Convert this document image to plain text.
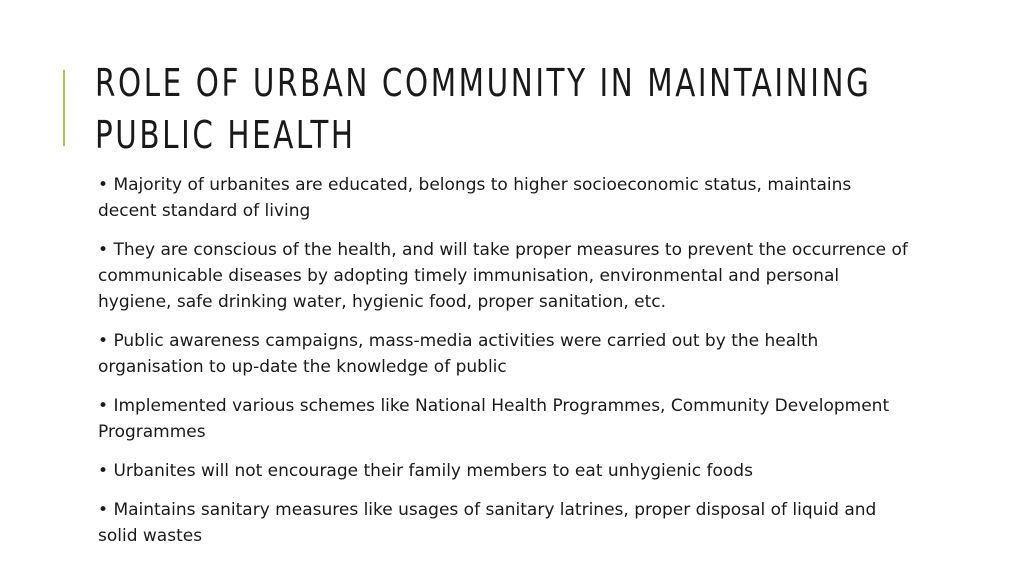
ROLE OF URBAN COMMUNITY IN MAINTAINING
PUBLIC HEALTH
• Majority of urbanites are educated, belongs to higher socioeconomic status, maintains decent standard of living
• They are conscious of the health, and will take proper measures to prevent the occurrence of communicable diseases by adopting timely immunisation, environmental and personal hygiene, safe drinking water, hygienic food, proper sanitation, etc.
• Public awareness campaigns, mass-media activities were carried out by the health organisation to up-date the knowledge of public
• Implemented various schemes like National Health Programmes, Community Development Programmes
• Urbanites will not encourage their family members to eat unhygienic foods
• Maintains sanitary measures like usages of sanitary latrines, proper disposal of liquid and solid wastes
